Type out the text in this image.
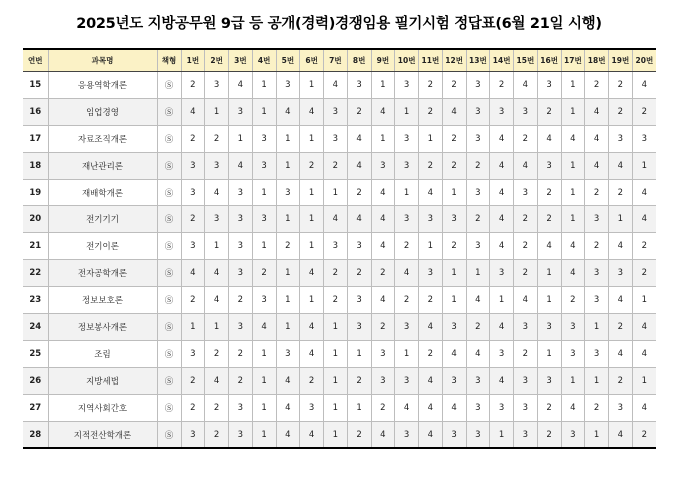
2025년도 지방공무원 9급 등 공개(경력)경쟁임용 필기시험 정답표(6월 21일 시행)
연번	과목명	책형	1번	2번	3번	4번	5번	6번	7번	8번	9번	10번	11번	12번	13번	14번	15번	16번	17번	18번	19번	20번
15	응용역학개론	Ⓢ	2	3	4	1	3	1	4	3	1	3	2	2	3	2	4	3	1	2	2	4
16	임업경영	Ⓢ	4	1	3	1	4	4	3	2	4	1	2	4	3	3	3	2	1	4	2	2
17	자료조직개론	Ⓢ	2	2	1	3	1	1	3	4	1	3	1	2	3	4	2	4	4	4	3	3
18	재난관리론	Ⓢ	3	3	4	3	1	2	2	4	3	3	2	2	2	4	4	3	1	4	4	1
19	재배학개론	Ⓢ	3	4	3	1	3	1	1	2	4	1	4	1	3	4	3	2	1	2	2	4
20	전기기기	Ⓢ	2	3	3	3	1	1	4	4	4	3	3	3	2	4	2	2	1	3	1	4
21	전기이론	Ⓢ	3	1	3	1	2	1	3	3	4	2	1	2	3	4	2	4	4	2	4	2
22	전자공학개론	Ⓢ	4	4	3	2	1	4	2	2	2	4	3	1	1	3	2	1	4	3	3	2
23	정보보호론	Ⓢ	2	4	2	3	1	1	2	3	4	2	2	1	4	1	4	1	2	3	4	1
24	정보봉사개론	Ⓢ	1	1	3	4	1	4	1	3	2	3	4	3	2	4	3	3	3	1	2	4
25	조림	Ⓢ	3	2	2	1	3	4	1	1	3	1	2	4	4	3	2	1	3	3	4	4
26	지방세법	Ⓢ	2	4	2	1	4	2	1	2	3	3	4	3	3	4	3	3	1	1	2	1
27	지역사회간호	Ⓢ	2	2	3	1	4	3	1	1	2	4	4	4	3	3	3	2	4	2	3	4
28	지적전산학개론	Ⓢ	3	2	3	1	4	4	1	2	4	3	4	3	3	1	3	2	3	1	4	2
